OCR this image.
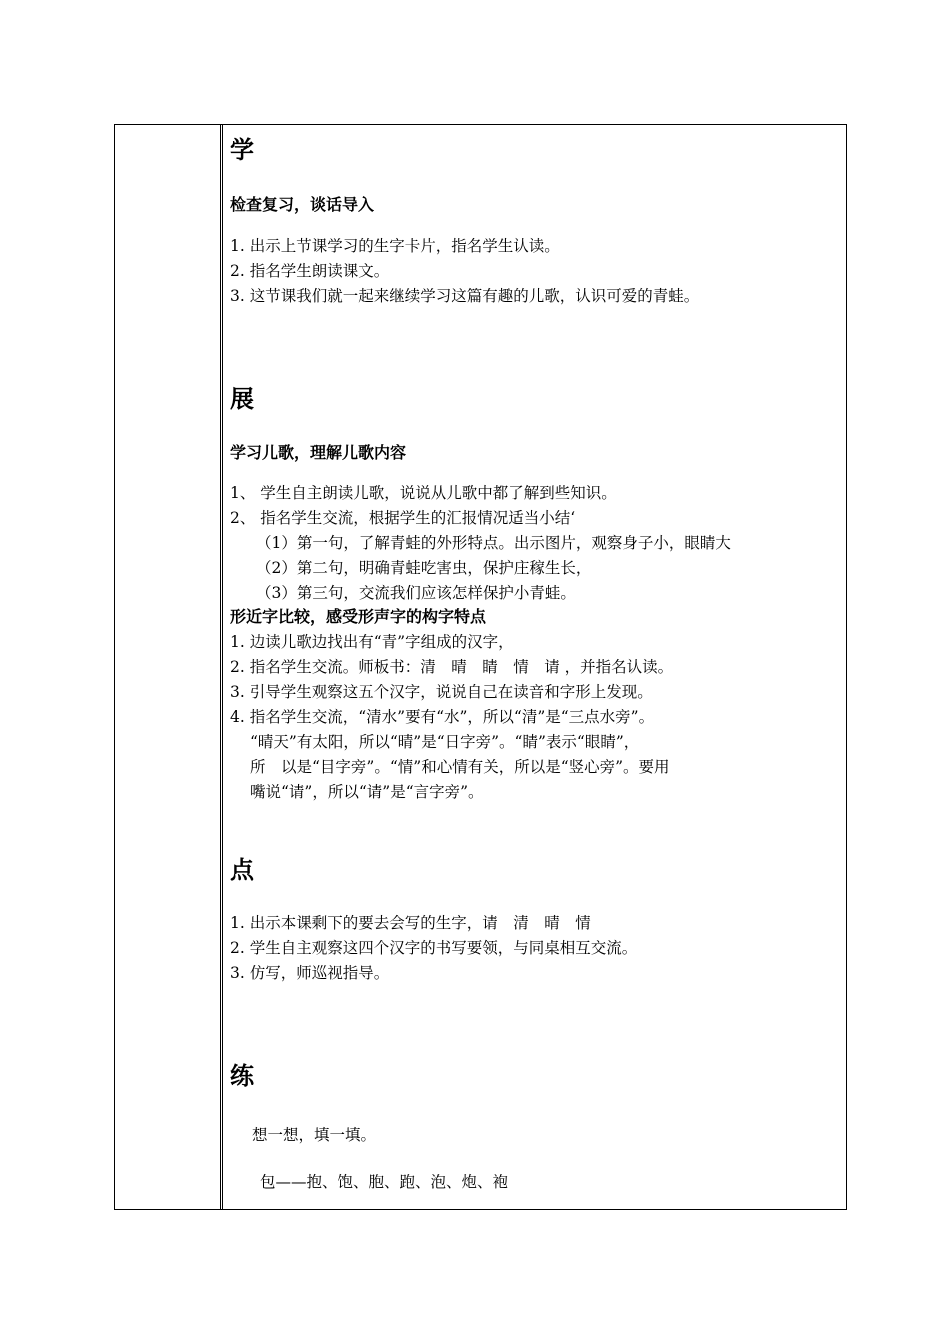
学
检查复习，谈话导入
1. 出示上节课学习的生字卡片，指名学生认读。
2. 指名学生朗读课文。
3. 这节课我们就一起来继续学习这篇有趣的儿歌，认识可爱的青蛙。
展
学习儿歌，理解儿歌内容
1、 学生自主朗读儿歌，说说从儿歌中都了解到些知识。
2、 指名学生交流，根据学生的汇报情况适当小结‘
（1）第一句，了解青蛙的外形特点。出示图片，观察身子小，眼睛大
（2）第二句，明确青蛙吃害虫，保护庄稼生长，
（3）第三句，交流我们应该怎样保护小青蛙。
形近字比较，感受形声字的构字特点
1. 边读儿歌边找出有“青”字组成的汉字，
2. 指名学生交流。师板书：清　晴　睛　情　请 ，并指名认读。
3. 引导学生观察这五个汉字，说说自己在读音和字形上发现。
4. 指名学生交流，“清水”要有“水”，所以“清”是“三点水旁”。
“晴天”有太阳，所以“晴”是“日字旁”。“睛”表示“眼睛”，
所　以是“目字旁”。“情”和心情有关，所以是“竖心旁”。要用
嘴说“请”，所以“请”是“言字旁”。
点
1. 出示本课剩下的要去会写的生字，请　清　晴　情
2. 学生自主观察这四个汉字的书写要领，与同桌相互交流。
3. 仿写，师巡视指导。
练
想一想，填一填。
包——抱、饱、胞、跑、泡、炮、袍
